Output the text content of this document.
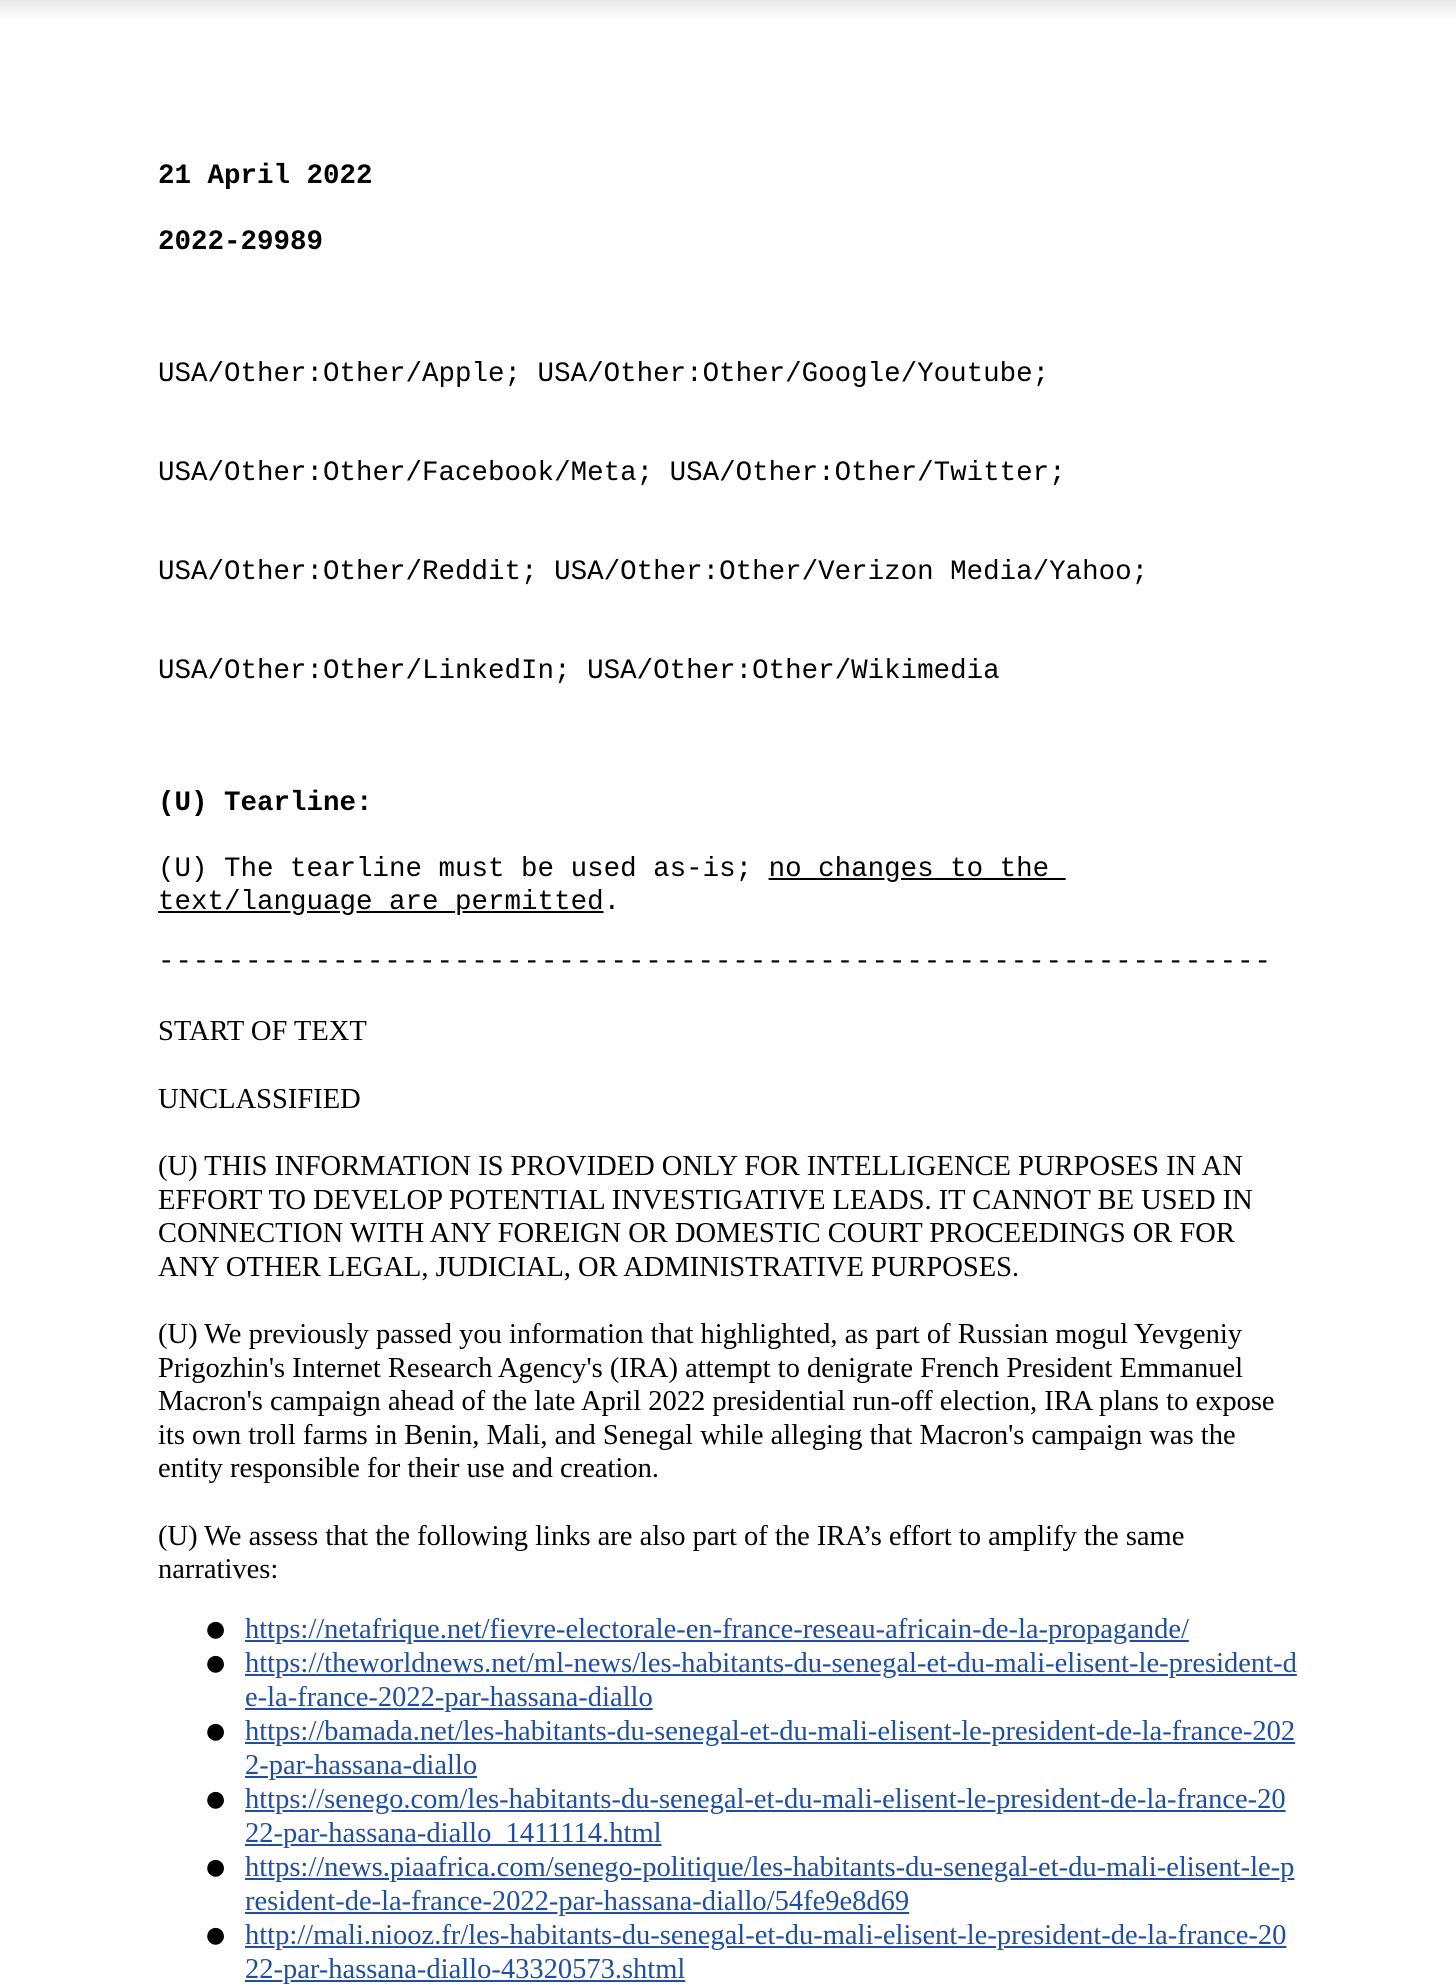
21 April 2022
2022-29989

USA/Other:Other/Apple; USA/Other:Other/Google/Youtube;

USA/Other:Other/Facebook/Meta; USA/Other:Other/Twitter;

USA/Other:Other/Reddit; USA/Other:Other/Verizon Media/Yahoo;

USA/Other:Other/LinkedIn; USA/Other:Other/Wikimedia

(U) Tearline:
(U) The tearline must be used as-is; no changes to the
text/language are permitted.
----------------------------------------------------------------
START OF TEXT
UNCLASSIFIED
(U) THIS INFORMATION IS PROVIDED ONLY FOR INTELLIGENCE PURPOSES IN AN EFFORT TO DEVELOP POTENTIAL INVESTIGATIVE LEADS. IT CANNOT BE USED IN CONNECTION WITH ANY FOREIGN OR DOMESTIC COURT PROCEEDINGS OR FOR ANY OTHER LEGAL, JUDICIAL, OR ADMINISTRATIVE PURPOSES.
(U) We previously passed you information that highlighted, as part of Russian mogul Yevgeniy Prigozhin's Internet Research Agency's (IRA) attempt to denigrate French President Emmanuel Macron's campaign ahead of the late April 2022 presidential run-off election, IRA plans to expose its own troll farms in Benin, Mali, and Senegal while alleging that Macron's campaign was the entity responsible for their use and creation.
(U) We assess that the following links are also part of the IRA’s effort to amplify the same narratives:
● https://netafrique.net/fievre-electorale-en-france-reseau-africain-de-la-propagande/
● https://theworldnews.net/ml-news/les-habitants-du-senegal-et-du-mali-elisent-le-president-de-la-france-2022-par-hassana-diallo
● https://bamada.net/les-habitants-du-senegal-et-du-mali-elisent-le-president-de-la-france-2022-par-hassana-diallo
● https://senego.com/les-habitants-du-senegal-et-du-mali-elisent-le-president-de-la-france-2022-par-hassana-diallo_1411114.html
● https://news.piaafrica.com/senego-politique/les-habitants-du-senegal-et-du-mali-elisent-le-president-de-la-france-2022-par-hassana-diallo/54fe9e8d69
● http://mali.niooz.fr/les-habitants-du-senegal-et-du-mali-elisent-le-president-de-la-france-2022-par-hassana-diallo-43320573.shtml
